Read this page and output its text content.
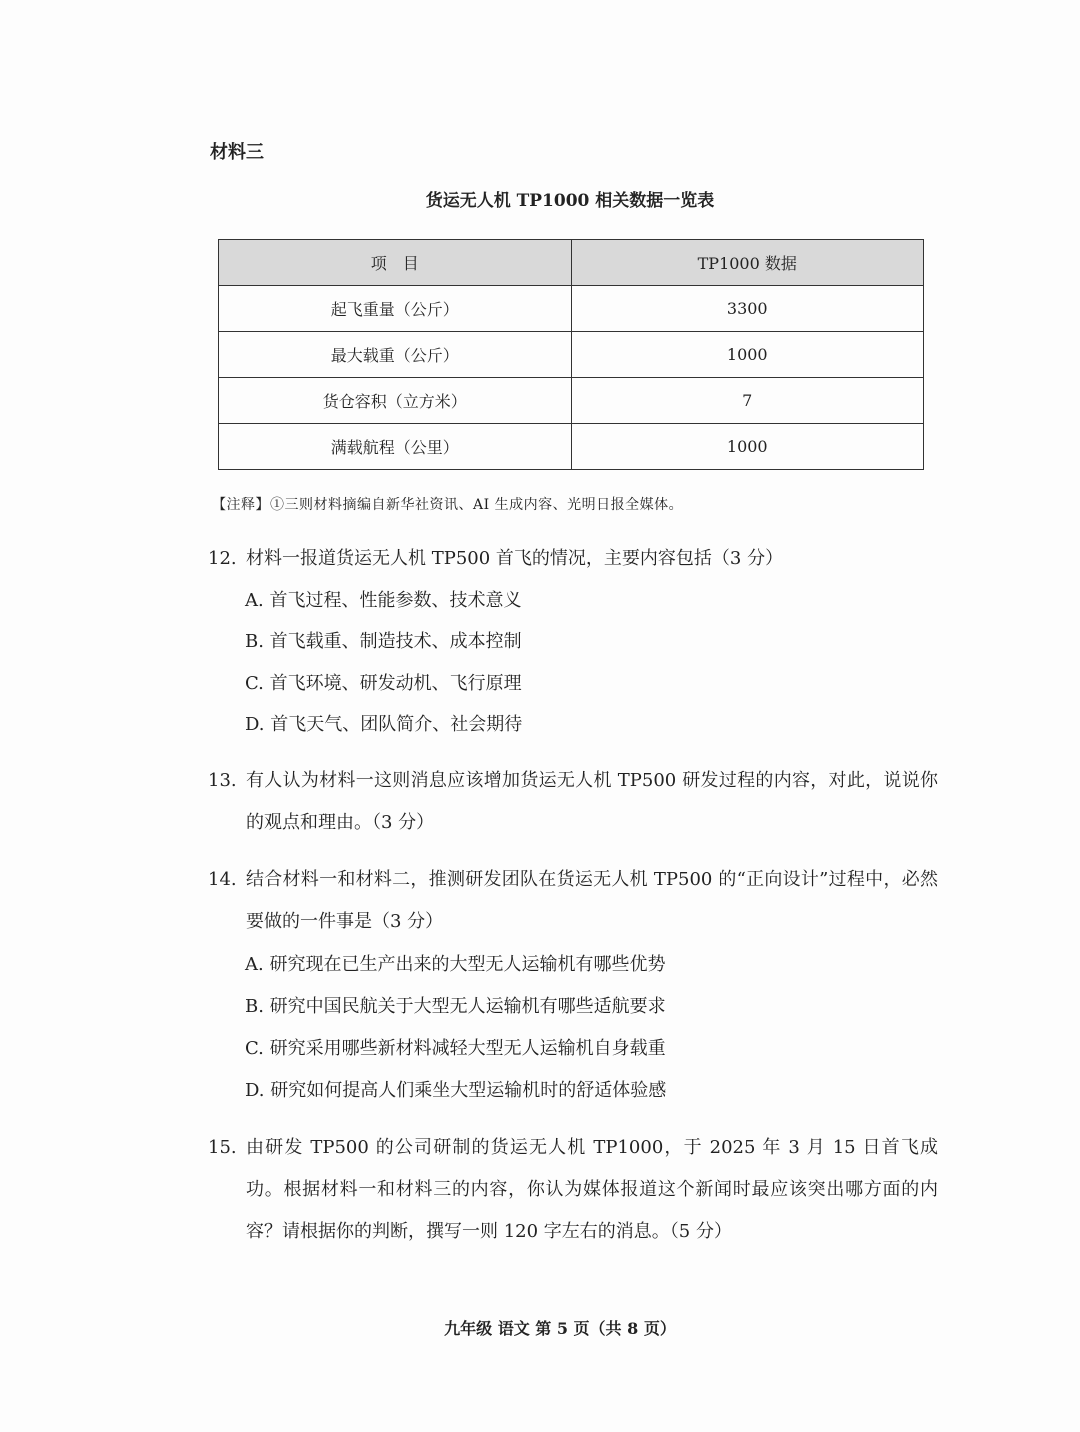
材料三
货运无人机 TP1000 相关数据一览表
项　目	TP1000 数据
起飞重量（公斤）	3300
最大载重（公斤）	1000
货仓容积（立方米）	7
满载航程（公里）	1000
【注释】①三则材料摘编自新华社资讯、AI 生成内容、光明日报全媒体。
12. 材料一报道货运无人机 TP500 首飞的情况，主要内容包括（3 分）
A. 首飞过程、性能参数、技术意义
B. 首飞载重、制造技术、成本控制
C. 首飞环境、研发动机、飞行原理
D. 首飞天气、团队简介、社会期待
13. 有人认为材料一这则消息应该增加货运无人机 TP500 研发过程的内容，对此，说说你的观点和理由。（3 分）
14. 结合材料一和材料二，推测研发团队在货运无人机 TP500 的“正向设计”过程中，必然要做的一件事是（3 分）
A. 研究现在已生产出来的大型无人运输机有哪些优势
B. 研究中国民航关于大型无人运输机有哪些适航要求
C. 研究采用哪些新材料减轻大型无人运输机自身载重
D. 研究如何提高人们乘坐大型运输机时的舒适体验感
15. 由研发 TP500 的公司研制的货运无人机 TP1000，于 2025 年 3 月 15 日首飞成功。根据材料一和材料三的内容，你认为媒体报道这个新闻时最应该突出哪方面的内容？请根据你的判断，撰写一则 120 字左右的消息。（5 分）
九年级 语文 第 5 页（共 8 页）
